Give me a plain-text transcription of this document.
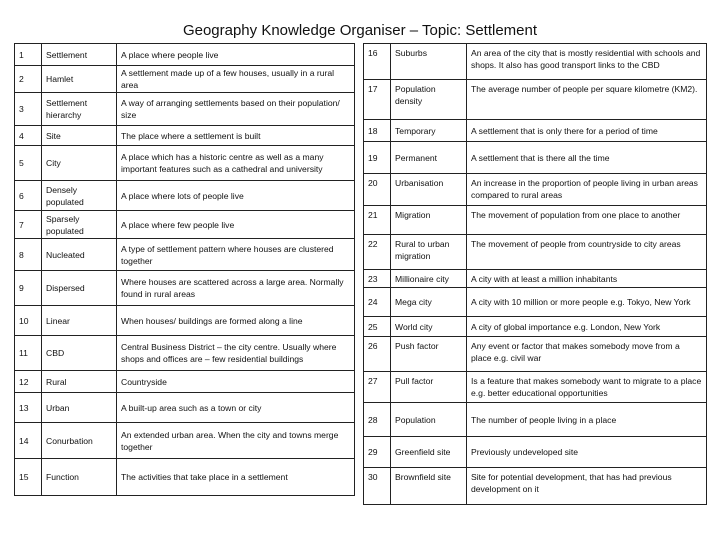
Geography Knowledge Organiser – Topic: Settlement
1	Settlement	A place where people live
2	Hamlet	A settlement made up of a few houses, usually in a rural area
3	Settlement hierarchy	A way of arranging settlements based on their population/ size
4	Site	The place where a settlement is built
5	City	A place which has a historic centre as well as a many important features such as a cathedral and university
6	Densely populated	A place where lots of people live
7	Sparsely populated	A place where few people live
8	Nucleated	A type of settlement pattern where houses are clustered together
9	Dispersed	Where houses are scattered across a large area. Normally found in rural areas
10	Linear	When houses/ buildings are formed along a line
11	CBD	Central Business District – the city centre. Usually where shops and offices are – few residential buildings
12	Rural	Countryside
13	Urban	A built-up area such as a town or city
14	Conurbation	An extended urban area. When the city and towns merge together
15	Function	The activities that take place in a settlement
16	Suburbs	An area of the city that is mostly residential with schools and shops. It also has good transport links to the CBD
17	Population density	The average number of people per square kilometre (KM2).
18	Temporary	A settlement that is only there for a period of time
19	Permanent	A settlement that is there all the time
20	Urbanisation	An increase in the proportion of people living in urban areas compared to rural areas
21	Migration	The movement of population from one place to another
22	Rural to urban migration	The movement of people from countryside to city areas
23	Millionaire city	A city with at least a million inhabitants
24	Mega city	A city with 10 million or more people e.g. Tokyo, New York
25	World city	A city of global importance e.g. London, New York
26	Push factor	Any event or factor that makes somebody move from a place e.g. civil war
27	Pull factor	Is a feature that makes somebody want to migrate to a place e.g. better educational opportunities
28	Population	The number of people living in a place
29	Greenfield site	Previously undeveloped site
30	Brownfield site	Site for potential development, that has had previous development on it
